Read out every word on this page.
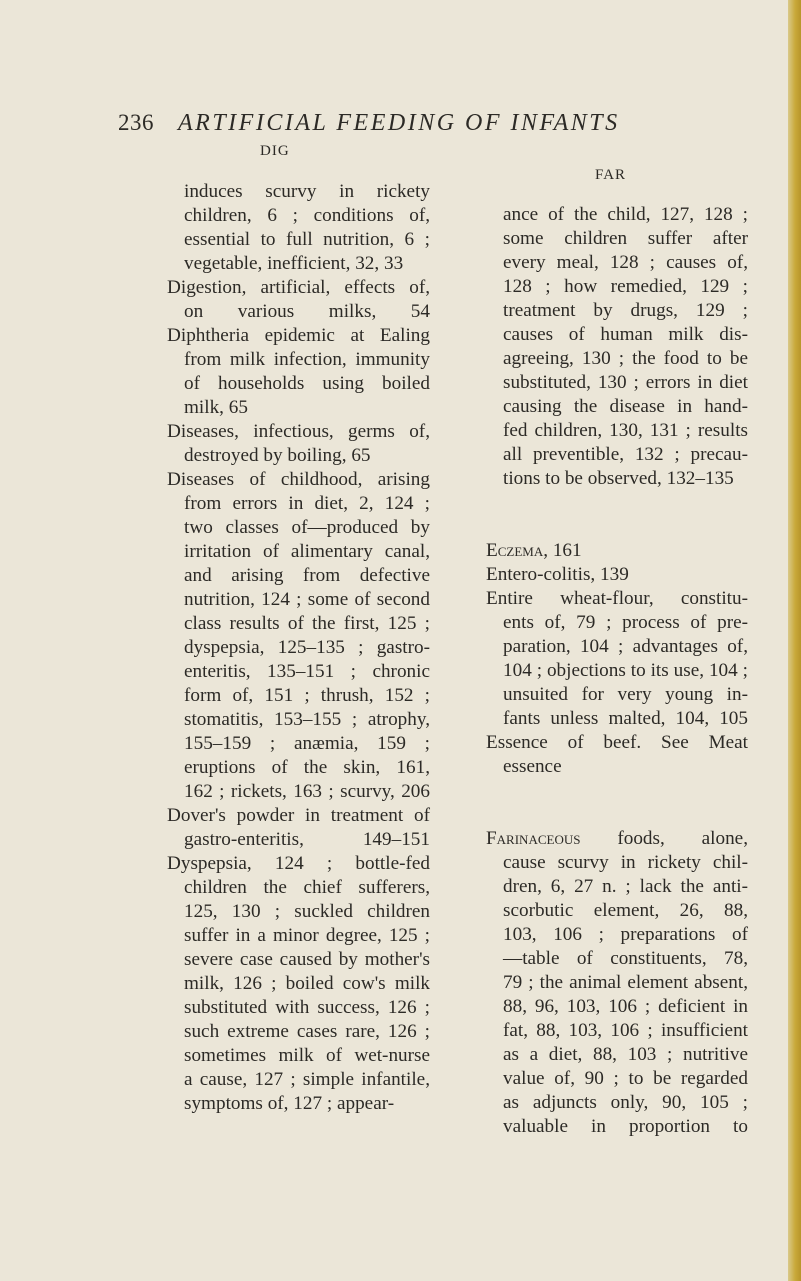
236 ARTIFICIAL FEEDING OF INFANTS
DIG
FAR
induces scurvy in rickety
children, 6 ; conditions of,
essential to full nutrition, 6 ;
vegetable, inefficient, 32, 33
Digestion, artificial, effects of,
on various milks, 54
Diphtheria epidemic at Ealing
from milk infection, immunity
of households using boiled
milk, 65
Diseases, infectious, germs of,
destroyed by boiling, 65
Diseases of childhood, arising
from errors in diet, 2, 124 ;
two classes of—produced by
irritation of alimentary canal,
and arising from defective
nutrition, 124 ; some of second
class results of the first, 125 ;
dyspepsia, 125–135 ; gastro-
enteritis, 135–151 ; chronic
form of, 151 ; thrush, 152 ;
stomatitis, 153–155 ; atrophy,
155–159 ; anæmia, 159 ;
eruptions of the skin, 161,
162 ; rickets, 163 ; scurvy, 206
Dover's powder in treatment of
gastro-enteritis, 149–151
Dyspepsia, 124 ; bottle-fed
children the chief sufferers,
125, 130 ; suckled children
suffer in a minor degree, 125 ;
severe case caused by mother's
milk, 126 ; boiled cow's milk
substituted with success, 126 ;
such extreme cases rare, 126 ;
sometimes milk of wet-nurse
a cause, 127 ; simple infantile,
symptoms of, 127 ; appear-
ance of the child, 127, 128 ;
some children suffer after
every meal, 128 ; causes of,
128 ; how remedied, 129 ;
treatment by drugs, 129 ;
causes of human milk dis-
agreeing, 130 ; the food to be
substituted, 130 ; errors in diet
causing the disease in hand-
fed children, 130, 131 ; results
all preventible, 132 ; precau-
tions to be observed, 132–135
Eczema, 161
Entero-colitis, 139
Entire wheat-flour, constitu-
ents of, 79 ; process of pre-
paration, 104 ; advantages of,
104 ; objections to its use, 104 ;
unsuited for very young in-
fants unless malted, 104, 105
Essence of beef. See Meat
essence
Farinaceous foods, alone,
cause scurvy in rickety chil-
dren, 6, 27 n. ; lack the anti-
scorbutic element, 26, 88,
103, 106 ; preparations of
—table of constituents, 78,
79 ; the animal element absent,
88, 96, 103, 106 ; deficient in
fat, 88, 103, 106 ; insufficient
as a diet, 88, 103 ; nutritive
value of, 90 ; to be regarded
as adjuncts only, 90, 105 ;
valuable in proportion to
